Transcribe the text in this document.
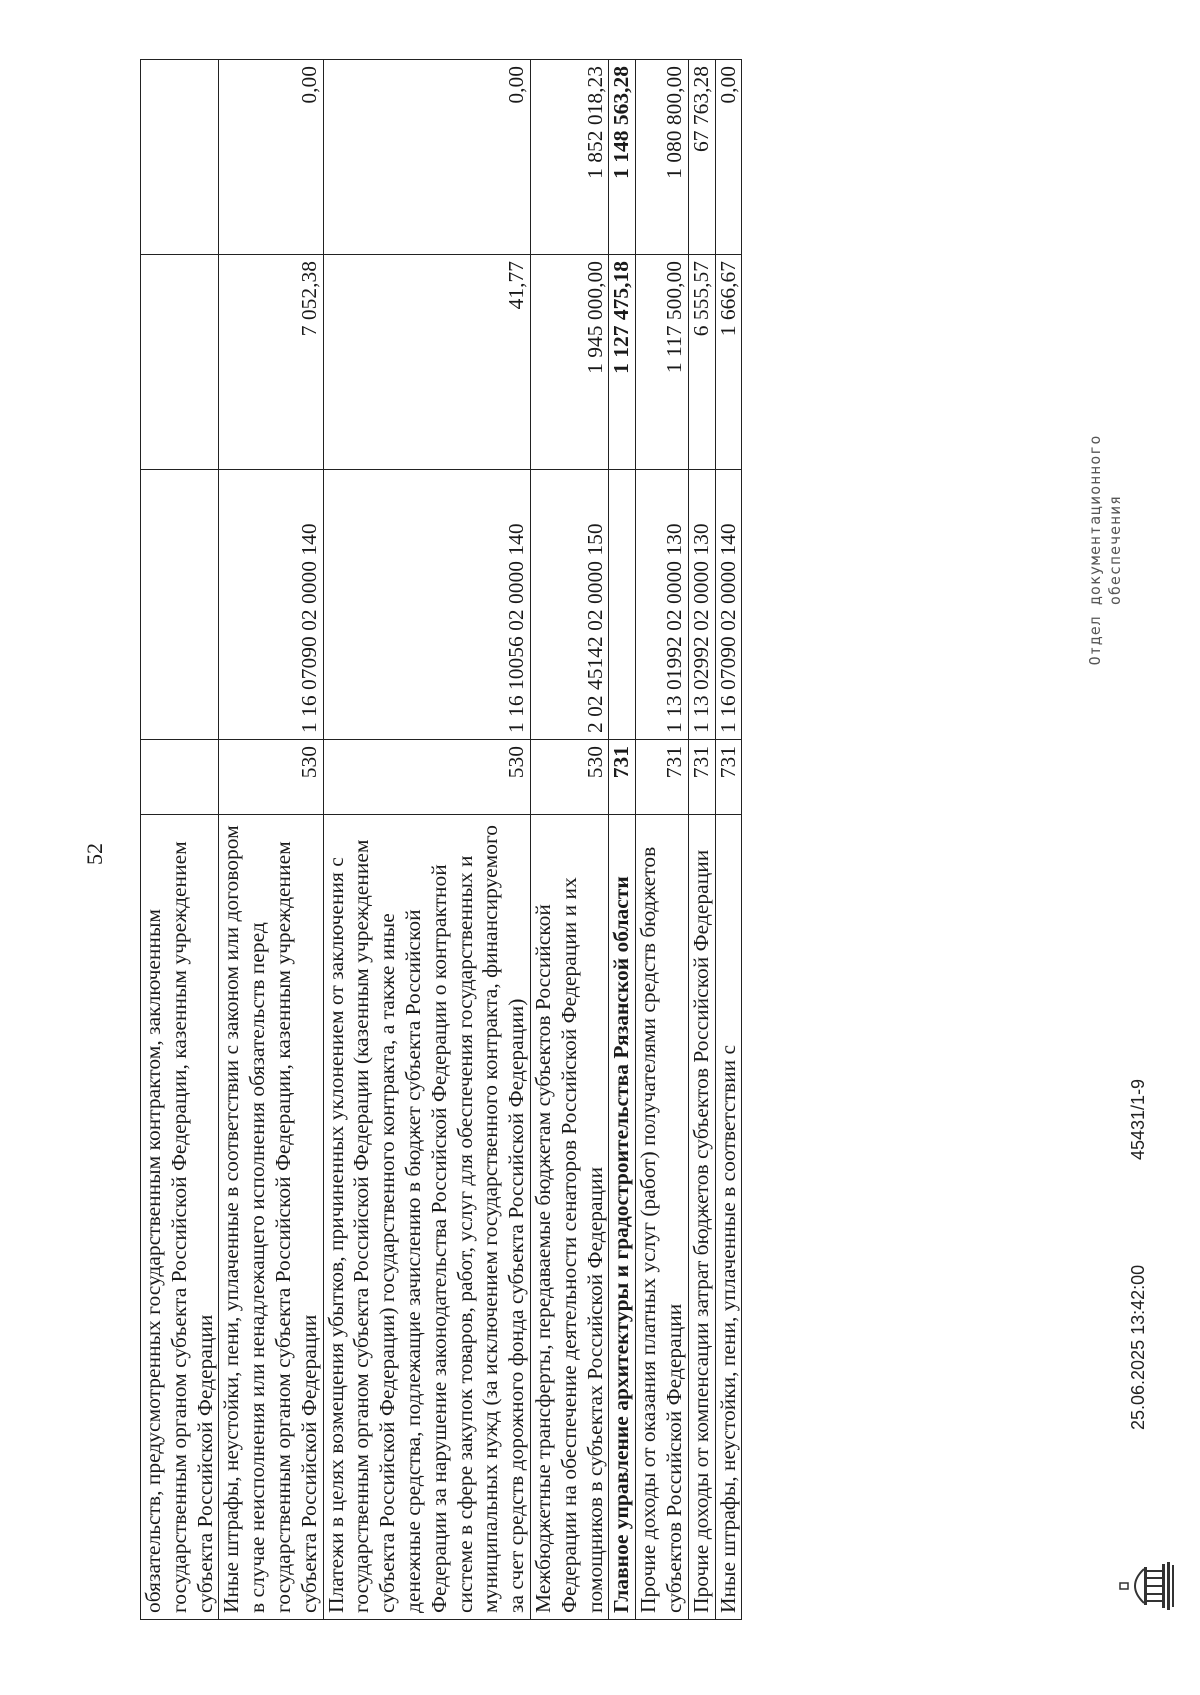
52
обязательств, предусмотренных государственным контрактом, заключенным государственным органом субъекта Российской Федерации, казенным учреждением субъекта Российской Федерации				
Иные штрафы, неустойки, пени, уплаченные в соответствии с законом или договором в случае неисполнения или ненадлежащего исполнения обязательств перед государственным органом субъекта Российской Федерации, казенным учреждением субъекта Российской Федерации	530	1 16 07090 02 0000 140	7 052,38	0,00
Платежи в целях возмещения убытков, причиненных уклонением от заключения с государственным органом субъекта Российской Федерации (казенным учреждением субъекта Российской Федерации) государственного контракта, а также иные денежные средства, подлежащие зачислению в бюджет субъекта Российской Федерации за нарушение законодательства Российской Федерации о контрактной системе в сфере закупок товаров, работ, услуг для обеспечения государственных и муниципальных нужд (за исключением государственного контракта, финансируемого за счет средств дорожного фонда субъекта Российской Федерации)	530	1 16 10056 02 0000 140	41,77	0,00
Межбюджетные трансферты, передаваемые бюджетам субъектов Российской Федерации на обеспечение деятельности сенаторов Российской Федерации и их помощников в субъектах Российской Федерации	530	2 02 45142 02 0000 150	1 945 000,00	1 852 018,23
Главное управление архитектуры и градостроительства Рязанской области	731		1 127 475,18	1 148 563,28
Прочие доходы от оказания платных услуг (работ) получателями средств бюджетов субъектов Российской Федерации	731	1 13 01992 02 0000 130	1 117 500,00	1 080 800,00
Прочие доходы от компенсации затрат бюджетов субъектов Российской Федерации	731	1 13 02992 02 0000 130	6 555,57	67 763,28
Иные штрафы, неустойки, пени, уплаченные в соответствии с	731	1 16 07090 02 0000 140	1 666,67	0,00
25.06.2025 13:42:00
45431/1-9
Отдел документационного обеспечения
